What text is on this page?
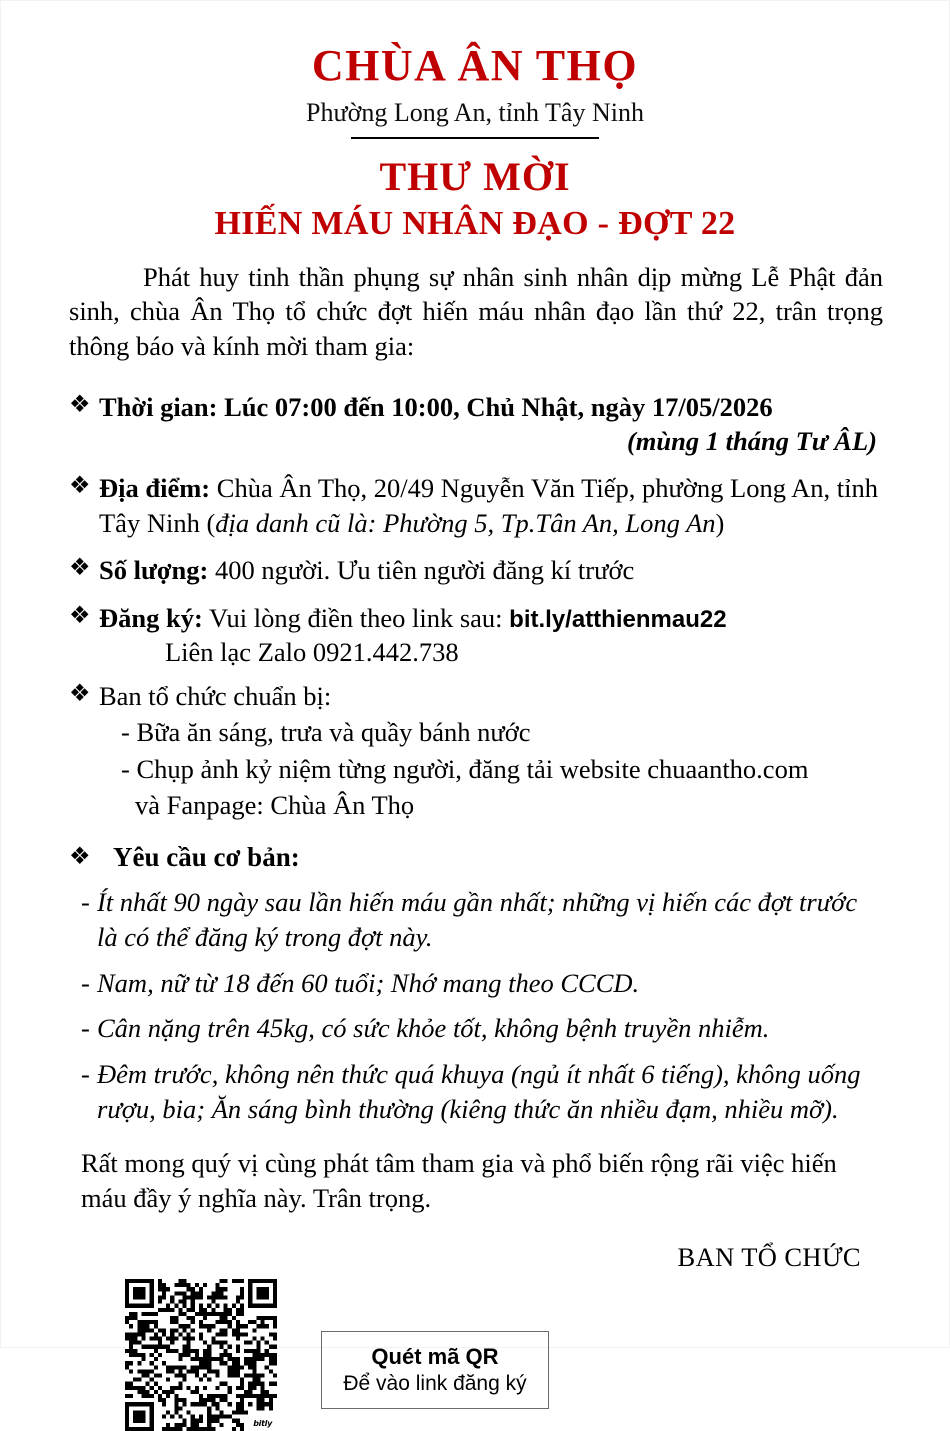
CHÙA ÂN THỌ
Phường Long An, tỉnh Tây Ninh
THƯ MỜI
HIẾN MÁU NHÂN ĐẠO - ĐỢT 22

Phát huy tinh thần phụng sự nhân sinh nhân dịp mừng Lễ Phật đản sinh, chùa Ân Thọ tổ chức đợt hiến máu nhân đạo lần thứ 22, trân trọng thông báo và kính mời tham gia:

❖ Thời gian: Lúc 07:00 đến 10:00, Chủ Nhật, ngày 17/05/2026
(mùng 1 tháng Tư ÂL)
❖ Địa điểm: Chùa Ân Thọ, 20/49 Nguyễn Văn Tiếp, phường Long An, tỉnh Tây Ninh (địa danh cũ là: Phường 5, Tp.Tân An, Long An)
❖ Số lượng: 400 người. Ưu tiên người đăng kí trước
❖ Đăng ký: Vui lòng điền theo link sau: bit.ly/atthienmau22
Liên lạc Zalo 0921.442.738
❖ Ban tổ chức chuẩn bị:
- Bữa ăn sáng, trưa và quầy bánh nước
- Chụp ảnh kỷ niệm từng người, đăng tải website chuaantho.com
và Fanpage: Chùa Ân Thọ
❖ Yêu cầu cơ bản:
- Ít nhất 90 ngày sau lần hiến máu gần nhất; những vị hiến các đợt trước là có thể đăng ký trong đợt này.
- Nam, nữ từ 18 đến 60 tuổi; Nhớ mang theo CCCD.
- Cân nặng trên 45kg, có sức khỏe tốt, không bệnh truyền nhiễm.
- Đêm trước, không nên thức quá khuya (ngủ ít nhất 6 tiếng), không uống rượu, bia; Ăn sáng bình thường (kiêng thức ăn nhiều đạm, nhiều mỡ).

Rất mong quý vị cùng phát tâm tham gia và phổ biến rộng rãi việc hiến máu đầy ý nghĩa này. Trân trọng.

BAN TỔ CHỨC
bitly
Quét mã QR
Để vào link đăng ký
